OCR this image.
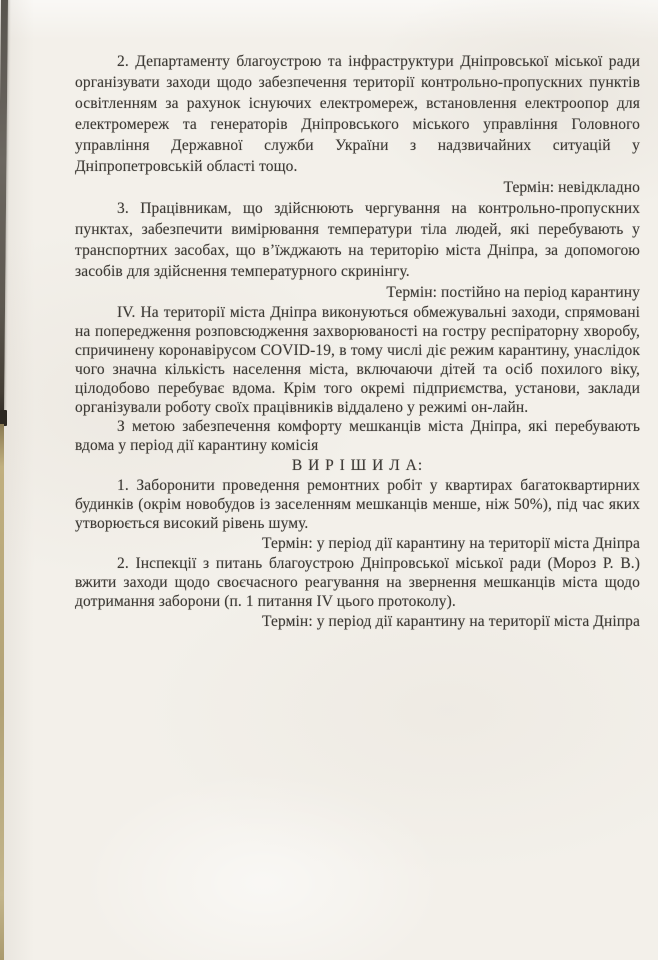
2. Департаменту благоустрою та інфраструктури Дніпровської міської ради організувати заходи щодо забезпечення території контрольно-пропускних пунктів освітленням за рахунок існуючих електромереж, встановлення електроопор для електромереж та генераторів Дніпровського міського управління Головного управління Державної служби України з надзвичайних ситуацій у Дніпропетровській області тощо.

Термін: невідкладно

3. Працівникам, що здійснюють чергування на контрольно-пропускних пунктах, забезпечити вимірювання температури тіла людей, які перебувають у транспортних засобах, що в’їжджають на територію міста Дніпра, за допомогою засобів для здійснення температурного скринінгу.

Термін: постійно на період карантину

IV. На території міста Дніпра виконуються обмежувальні заходи, спрямовані на попередження розповсюдження захворюваності на гостру респіраторну хворобу, спричинену коронавірусом COVID-19, в тому числі діє режим карантину, унаслідок чого значна кількість населення міста, включаючи дітей та осіб похилого віку, цілодобово перебуває вдома. Крім того окремі підприємства, установи, заклади організували роботу своїх працівників віддалено у режимі он-лайн.

З метою забезпечення комфорту мешканців міста Дніпра, які перебувають вдома у період дії карантину комісія

В И Р І Ш И Л А:

1. Заборонити проведення ремонтних робіт у квартирах багатоквартирних будинків (окрім новобудов із заселенням мешканців менше, ніж 50%), під час яких утворюється високий рівень шуму.

Термін: у період дії карантину на території міста Дніпра

2. Інспекції з питань благоустрою Дніпровської міської ради (Мороз Р. В.) вжити заходи щодо своєчасного реагування на звернення мешканців міста щодо дотримання заборони (п. 1 питання IV цього протоколу).

Термін: у період дії карантину на території міста Дніпра
